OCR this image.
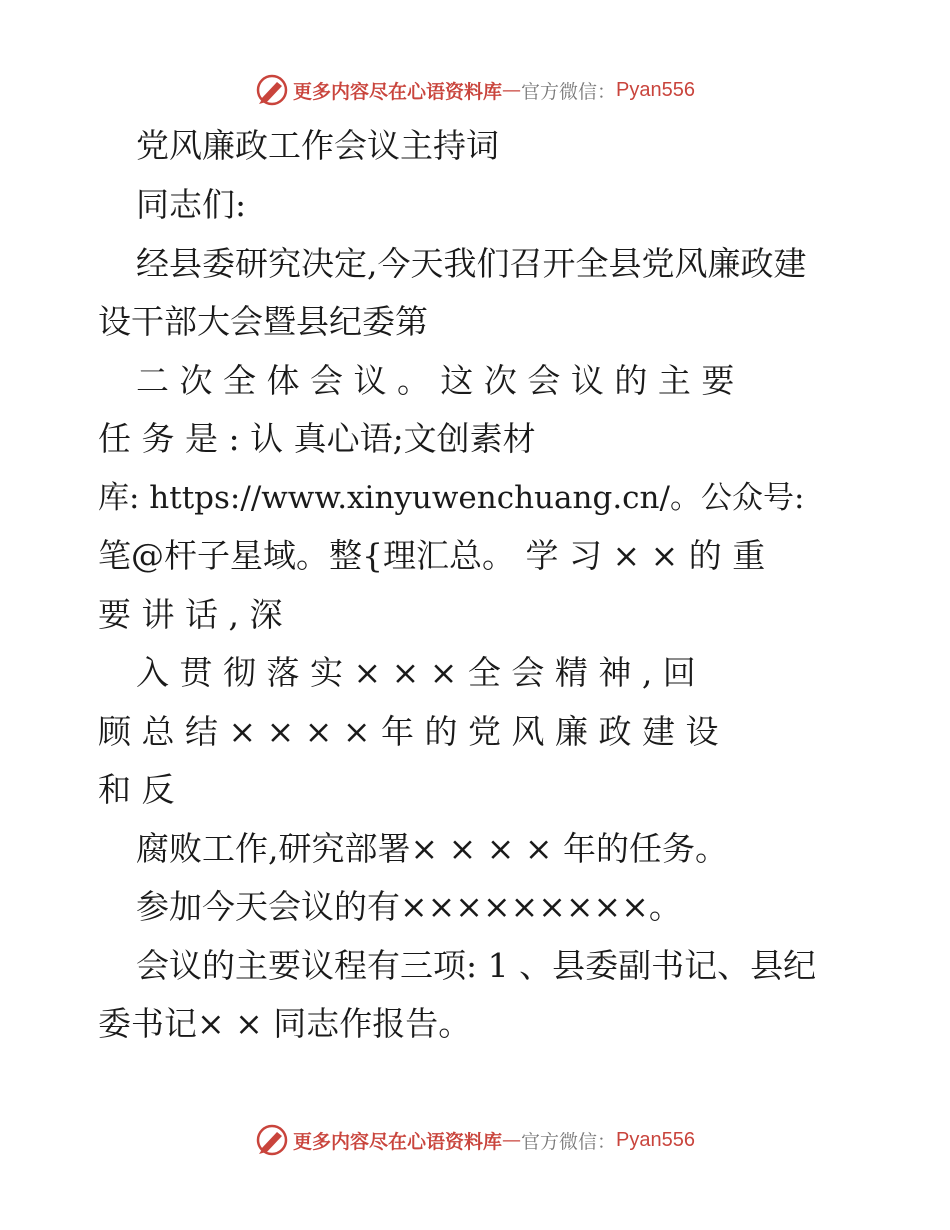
更多内容尽在心语资料库 — 官方微信： Pyan556
党风廉政工作会议主持词
同志们:
经县委研究决定,今天我们召开全县党风廉政建
设干部大会暨县纪委第
二 次 全 体 会 议 。 这 次 会 议 的 主 要
任 务 是 : 认 真心语;文创素材
库: https://www.xinyuwenchuang.cn/。公众号:
笔@杆子星域。整{理汇总。 学 习 × × 的 重
要 讲 话 , 深
入 贯 彻 落 实 × × × 全 会 精 神 , 回
顾 总 结 × × × × 年 的 党 风 廉 政 建 设
和 反
腐败工作,研究部署× × × × 年的任务。
参加今天会议的有×××××××××。
会议的主要议程有三项: 1 、县委副书记、县纪
委书记× × 同志作报告。
更多内容尽在心语资料库 — 官方微信： Pyan556
